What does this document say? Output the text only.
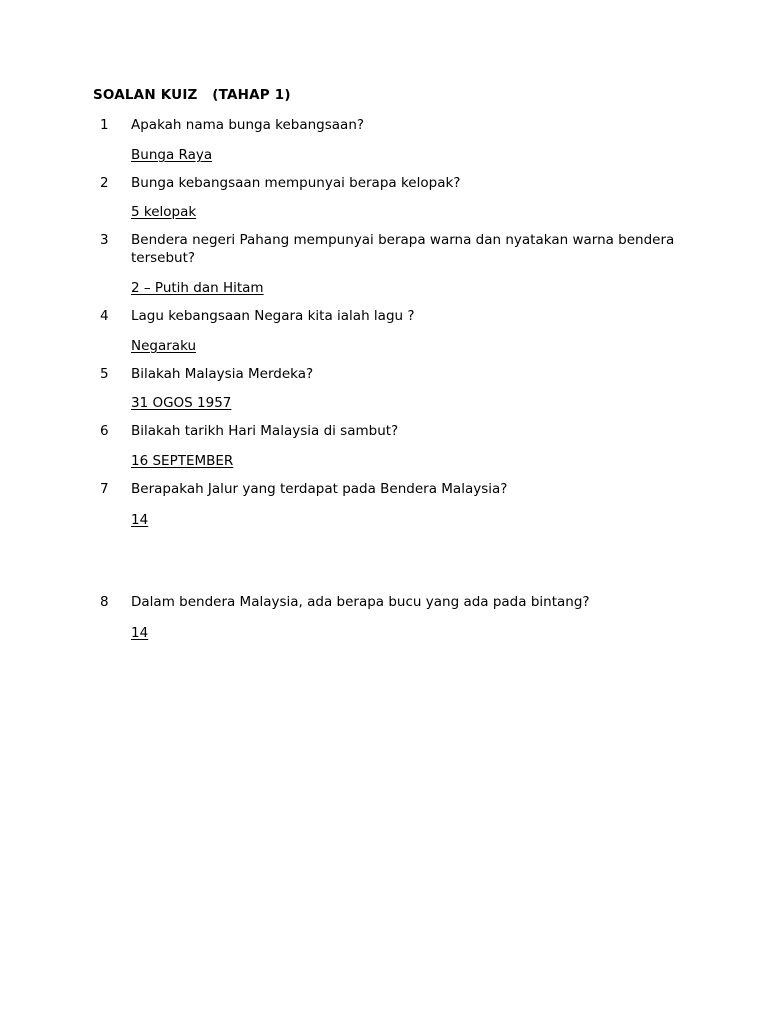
SOALAN KUIZ   (TAHAP 1)
1 Apakah nama bunga kebangsaan?
Bunga Raya
2 Bunga kebangsaan mempunyai berapa kelopak?
5 kelopak
3 Bendera negeri Pahang mempunyai berapa warna dan nyatakan warna bendera tersebut?
2 – Putih dan Hitam
4 Lagu kebangsaan Negara kita ialah lagu ?
Negaraku
5 Bilakah Malaysia Merdeka?
31 OGOS 1957
6 Bilakah tarikh Hari Malaysia di sambut?
16 SEPTEMBER
7 Berapakah Jalur yang terdapat pada Bendera Malaysia?
14
8 Dalam bendera Malaysia, ada berapa bucu yang ada pada bintang?
14
